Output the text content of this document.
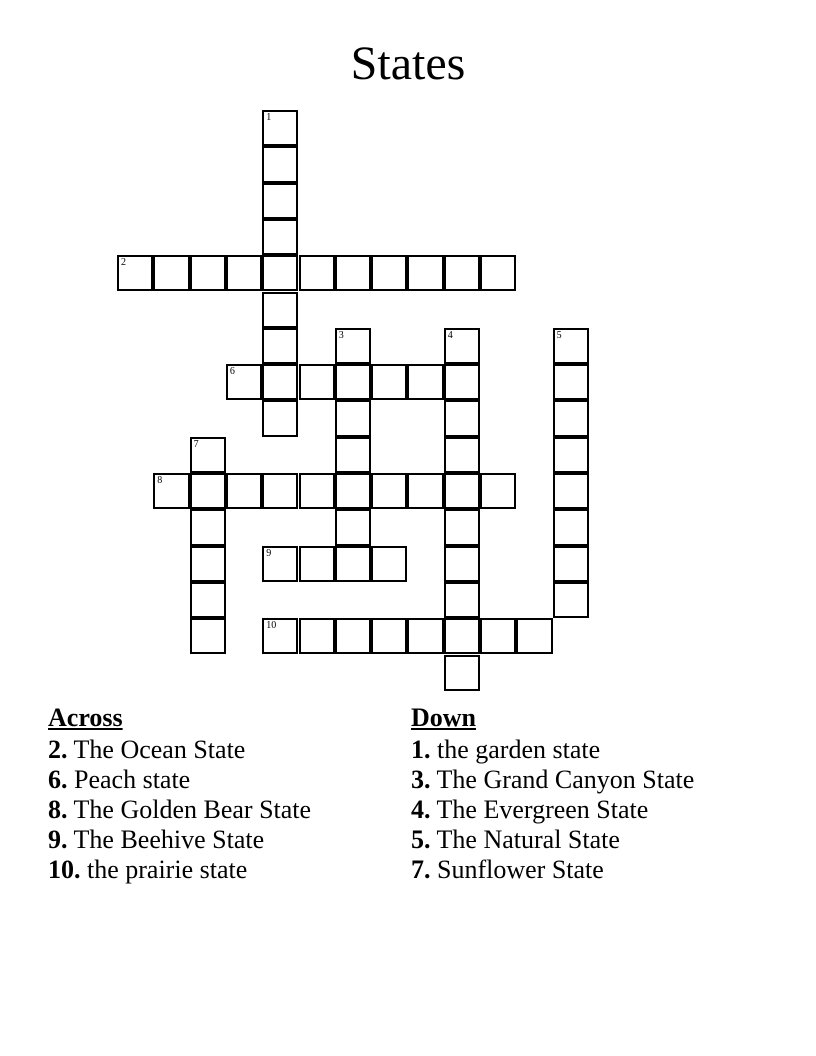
States
1
2
3	4	5
6
7
8
9
10
Across
2. The Ocean State
6. Peach state
8. The Golden Bear State
9. The Beehive State
10. the prairie state
Down
1. the garden state
3. The Grand Canyon State
4. The Evergreen State
5. The Natural State
7. Sunflower State
